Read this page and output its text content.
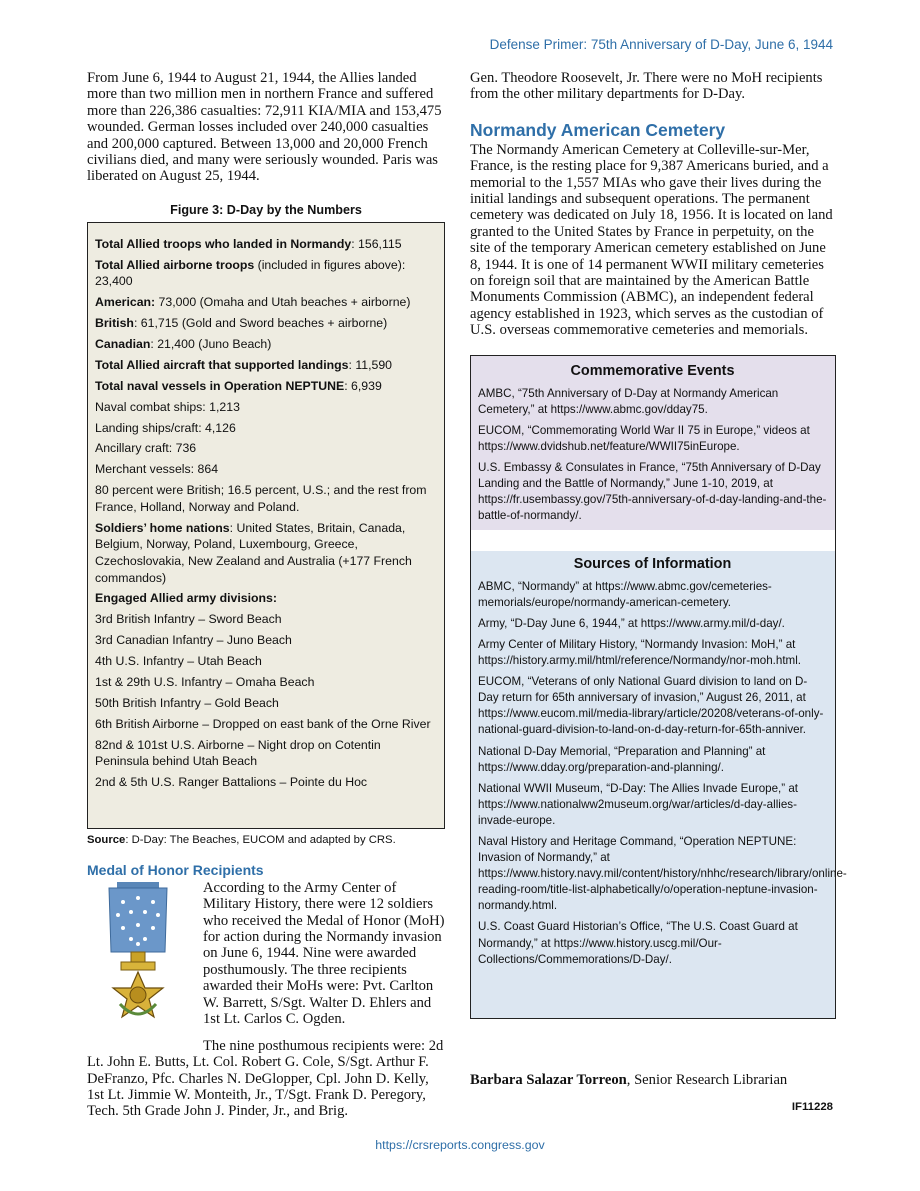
Defense Primer: 75th Anniversary of D-Day, June 6, 1944

From June 6, 1944 to August 21, 1944, the Allies landed more than two million men in northern France and suffered more than 226,386 casualties: 72,911 KIA/MIA and 153,475 wounded. German losses included over 240,000 casualties and 200,000 captured. Between 13,000 and 20,000 French civilians died, and many were seriously wounded. Paris was liberated on August 25, 1944.

Figure 3: D-Day by the Numbers

Total Allied troops who landed in Normandy: 156,115

Total Allied airborne troops (included in figures above): 23,400

American: 73,000 (Omaha and Utah beaches + airborne)

British: 61,715 (Gold and Sword beaches + airborne)

Canadian: 21,400 (Juno Beach)

Total Allied aircraft that supported landings: 11,590

Total naval vessels in Operation NEPTUNE: 6,939

Naval combat ships: 1,213

Landing ships/craft: 4,126

Ancillary craft: 736

Merchant vessels: 864

80 percent were British; 16.5 percent, U.S.; and the rest from France, Holland, Norway and Poland.

Soldiers’ home nations: United States, Britain, Canada, Belgium, Norway, Poland, Luxembourg, Greece, Czechoslovakia, New Zealand and Australia (+177 French commandos)

Engaged Allied army divisions:

3rd British Infantry – Sword Beach

3rd Canadian Infantry – Juno Beach

4th U.S. Infantry – Utah Beach

1st & 29th U.S. Infantry – Omaha Beach

50th British Infantry – Gold Beach

6th British Airborne – Dropped on east bank of the Orne River

82nd & 101st U.S. Airborne – Night drop on Cotentin Peninsula behind Utah Beach

2nd & 5th U.S. Ranger Battalions – Pointe du Hoc

Source: D-Day: The Beaches, EUCOM and adapted by CRS.
Medal of Honor Recipients

According to the Army Center of Military History, there were 12 soldiers who received the Medal of Honor (MoH) for action during the Normandy invasion on June 6, 1944. Nine were awarded posthumously. The three recipients awarded their MoHs were: Pvt. Carlton W. Barrett, S/Sgt. Walter D. Ehlers and 1st Lt. Carlos C. Ogden.

The nine posthumous recipients were: 2d Lt. John E. Butts, Lt. Col. Robert G. Cole, S/Sgt. Arthur F. DeFranzo, Pfc. Charles N. DeGlopper, Cpl. John D. Kelly, 1st Lt. Jimmie W. Monteith, Jr., T/Sgt. Frank D. Peregory, Tech. 5th Grade John J. Pinder, Jr., and Brig.

Gen. Theodore Roosevelt, Jr. There were no MoH recipients from the other military departments for D-Day.

Normandy American Cemetery

The Normandy American Cemetery at Colleville-sur-Mer, France, is the resting place for 9,387 Americans buried, and a memorial to the 1,557 MIAs who gave their lives during the initial landings and subsequent operations. The permanent cemetery was dedicated on July 18, 1956. It is located on land granted to the United States by France in perpetuity, on the site of the temporary American cemetery established on June 8, 1944. It is one of 14 permanent WWII military cemeteries on foreign soil that are maintained by the American Battle Monuments Commission (ABMC), an independent federal agency established in 1923, which serves as the custodian of U.S. overseas commemorative cemeteries and memorials.

Commemorative Events

AMBC, “75th Anniversary of D-Day at Normandy American Cemetery,” at https://www.abmc.gov/dday75.

EUCOM, “Commemorating World War II 75 in Europe,” videos at https://www.dvidshub.net/feature/WWII75inEurope.

U.S. Embassy & Consulates in France, “75th Anniversary of D-Day Landing and the Battle of Normandy,” June 1-10, 2019, at https://fr.usembassy.gov/75th-anniversary-of-d-day-landing-and-the-battle-of-normandy/.

Sources of Information

ABMC, “Normandy” at https://www.abmc.gov/cemeteries-memorials/europe/normandy-american-cemetery.

Army, “D-Day June 6, 1944,” at https://www.army.mil/d-day/.

Army Center of Military History, “Normandy Invasion: MoH,” at https://history.army.mil/html/reference/Normandy/nor-moh.html.

EUCOM, “Veterans of only National Guard division to land on D-Day return for 65th anniversary of invasion,” August 26, 2011, at https://www.eucom.mil/media-library/article/20208/veterans-of-only-national-guard-division-to-land-on-d-day-return-for-65th-anniver.

National D-Day Memorial, “Preparation and Planning” at https://www.dday.org/preparation-and-planning/.

National WWII Museum, “D-Day: The Allies Invade Europe,” at https://www.nationalww2museum.org/war/articles/d-day-allies-invade-europe.

Naval History and Heritage Command, “Operation NEPTUNE: Invasion of Normandy,” at https://www.history.navy.mil/content/history/nhhc/research/library/online-reading-room/title-list-alphabetically/o/operation-neptune-invasion-normandy.html.

U.S. Coast Guard Historian’s Office, “The U.S. Coast Guard at Normandy,” at https://www.history.uscg.mil/Our-Collections/Commemorations/D-Day/.

Barbara Salazar Torreon, Senior Research Librarian
IF11228
https://crsreports.congress.gov
